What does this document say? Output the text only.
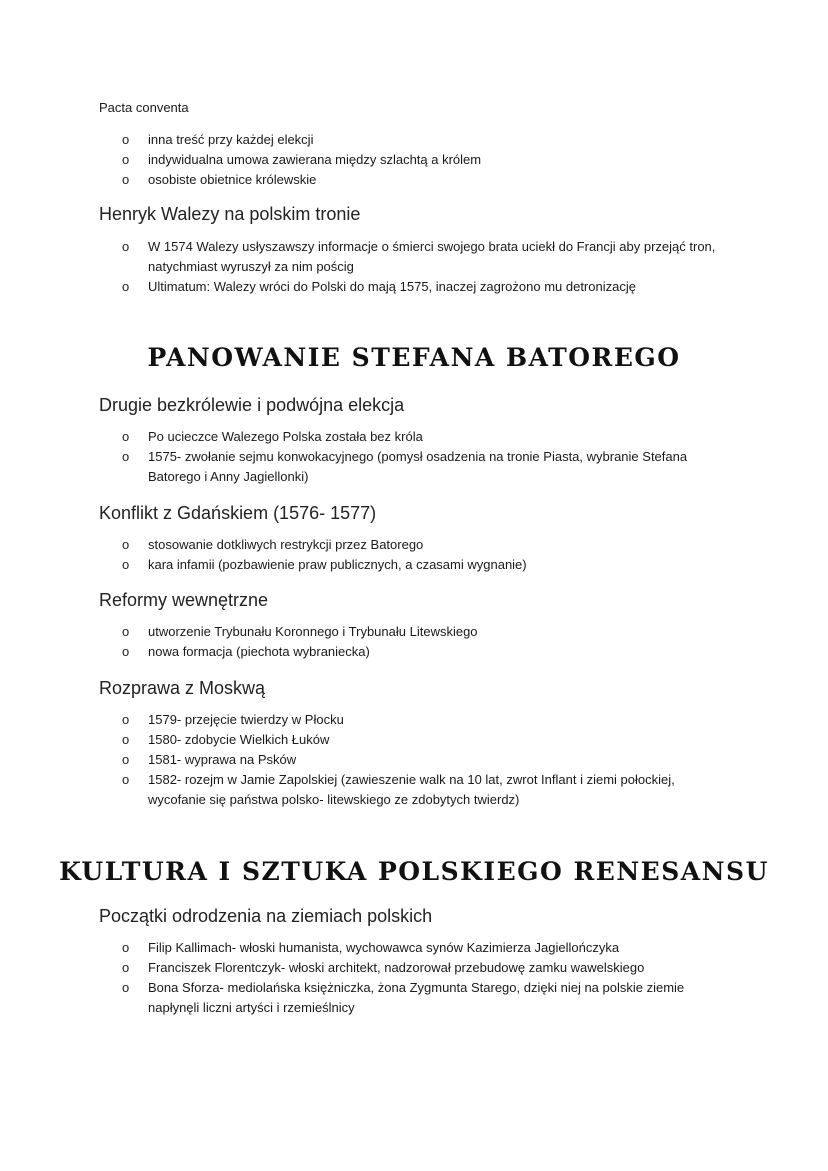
Pacta conventa
o inna treść przy każdej elekcji
o indywidualna umowa zawierana między szlachtą a królem
o osobiste obietnice królewskie
Henryk Walezy na polskim tronie
o W 1574 Walezy usłyszawszy informacje o śmierci swojego brata uciekł do Francji aby przejąć tron, natychmiast wyruszył za nim pościg
o Ultimatum: Walezy wróci do Polski do mają 1575, inaczej zagrożono mu detronizację
PANOWANIE STEFANA BATOREGO
Drugie bezkrólewie i podwójna elekcja
o Po ucieczce Walezego Polska została bez króla
o 1575- zwołanie sejmu konwokacyjnego (pomysł osadzenia na tronie Piasta, wybranie Stefana Batorego i Anny Jagiellonki)
Konflikt z Gdańskiem (1576- 1577)
o stosowanie dotkliwych restrykcji przez Batorego
o kara infamii (pozbawienie praw publicznych, a czasami wygnanie)
Reformy wewnętrzne
o utworzenie Trybunału Koronnego i Trybunału Litewskiego
o nowa formacja (piechota wybraniecka)
Rozprawa z Moskwą
o 1579- przejęcie twierdzy w Płocku
o 1580- zdobycie Wielkich Łuków
o 1581- wyprawa na Psków
o 1582- rozejm w Jamie Zapolskiej (zawieszenie walk na 10 lat, zwrot Inflant i ziemi połockiej, wycofanie się państwa polsko- litewskiego ze zdobytych twierdz)
KULTURA I SZTUKA POLSKIEGO RENESANSU
Początki odrodzenia na ziemiach polskich
o Filip Kallimach- włoski humanista, wychowawca synów Kazimierza Jagiellończyka
o Franciszek Florentczyk- włoski architekt, nadzorował przebudowę zamku wawelskiego
o Bona Sforza- mediolańska księżniczka, żona Zygmunta Starego, dzięki niej na polskie ziemie napłynęli liczni artyści i rzemieślnicy
